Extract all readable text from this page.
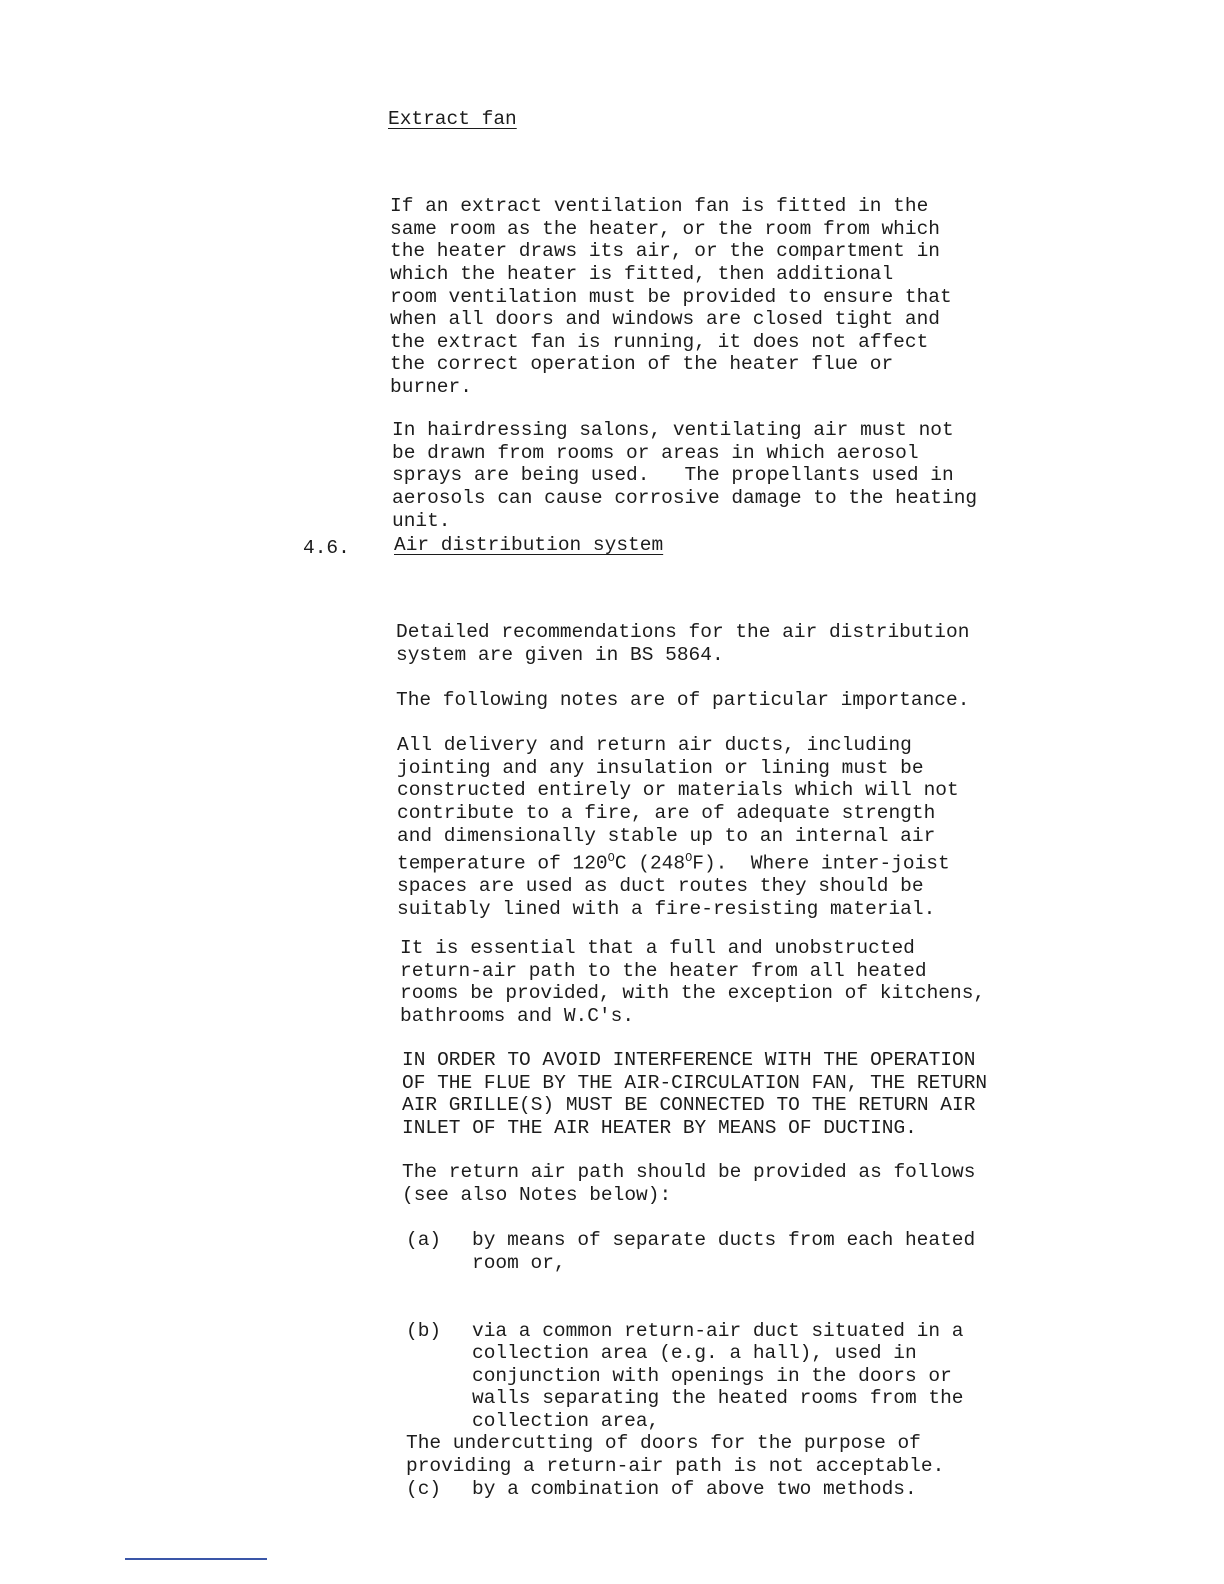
Extract fan

If an extract ventilation fan is fitted in the
same room as the heater, or the room from which
the heater draws its air, or the compartment in
which the heater is fitted, then additional
room ventilation must be provided to ensure that
when all doors and windows are closed tight and
the extract fan is running, it does not affect
the correct operation of the heater flue or
burner.

In hairdressing salons, ventilating air must not
be drawn from rooms or areas in which aerosol
sprays are being used.   The propellants used in
aerosols can cause corrosive damage to the heating
unit.

4.6. Air distribution system

Detailed recommendations for the air distribution
system are given in BS 5864.

The following notes are of particular importance.

All delivery and return air ducts, including
jointing and any insulation or lining must be
constructed entirely or materials which will not
contribute to a fire, are of adequate strength
and dimensionally stable up to an internal air
temperature of $120^OC$ $(248^OF)$.  Where inter-joist
spaces are used as duct routes they should be
suitably lined with a fire-resisting material.

It is essential that a full and unobstructed
return-air path to the heater from all heated
rooms be provided, with the exception of kitchens,
bathrooms and W.C's.

IN ORDER TO AVOID INTERFERENCE WITH THE OPERATION
OF THE FLUE BY THE AIR-CIRCULATION FAN, THE RETURN
AIR GRILLE(S) MUST BE CONNECTED TO THE RETURN AIR
INLET OF THE AIR HEATER BY MEANS OF DUCTING.

The return air path should be provided as follows
(see also Notes below):

(a) by means of separate ducts from each heated
room or,

(b) via a common return-air duct situated in a
collection area (e.g. a hall), used in
conjunction with openings in the doors or
walls separating the heated rooms from the
collection area,

(c) by a combination of above two methods.

The undercutting of doors for the purpose of
providing a return-air path is not acceptable.
